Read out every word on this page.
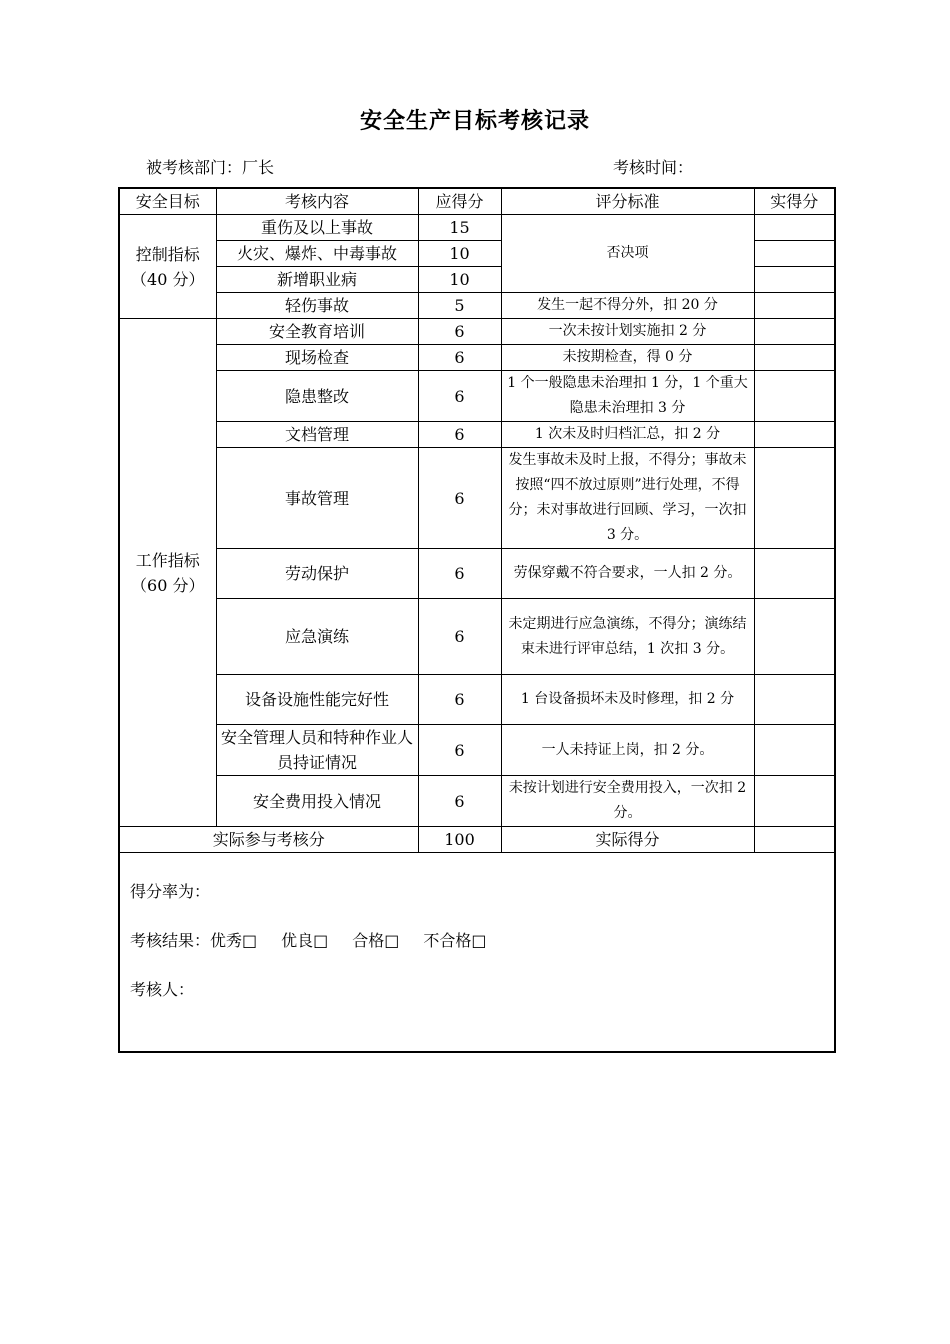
安全生产目标考核记录
被考核部门：厂长	考核时间：
安全目标	考核内容	应得分	评分标准	实得分

控制指标
（40 分）	重伤及以上事故	15	否决项	
	火灾、爆炸、中毒事故	10		
	新增职业病	10		
	轻伤事故	5	发生一起不得分外，扣 20 分	

工作指标
（60 分）	安全教育培训	6	一次未按计划实施扣 2 分	
	现场检查	6	未按期检查，得 0 分	
	隐患整改	6	1 个一般隐患未治理扣 1 分，1 个重大隐患未治理扣 3 分	
	文档管理	6	1 次未及时归档汇总，扣 2 分	
	事故管理	6	发生事故未及时上报，不得分；事故未按照“四不放过原则”进行处理，不得分；未对事故进行回顾、学习，一次扣 3 分。	
	劳动保护	6	劳保穿戴不符合要求，一人扣 2 分。	
	应急演练	6	未定期进行应急演练，不得分；演练结束未进行评审总结，1 次扣 3 分。	
	设备设施性能完好性	6	1 台设备损坏未及时修理，扣 2 分	
	安全管理人员和特种作业人员持证情况	6	一人未持证上岗，扣 2 分。	
	安全费用投入情况	6	未按计划进行安全费用投入，一次扣 2 分。	
实际参与考核分		100	实际得分	

得分率为：
考核结果：优秀□ 优良□ 合格□ 不合格□
考核人：				
